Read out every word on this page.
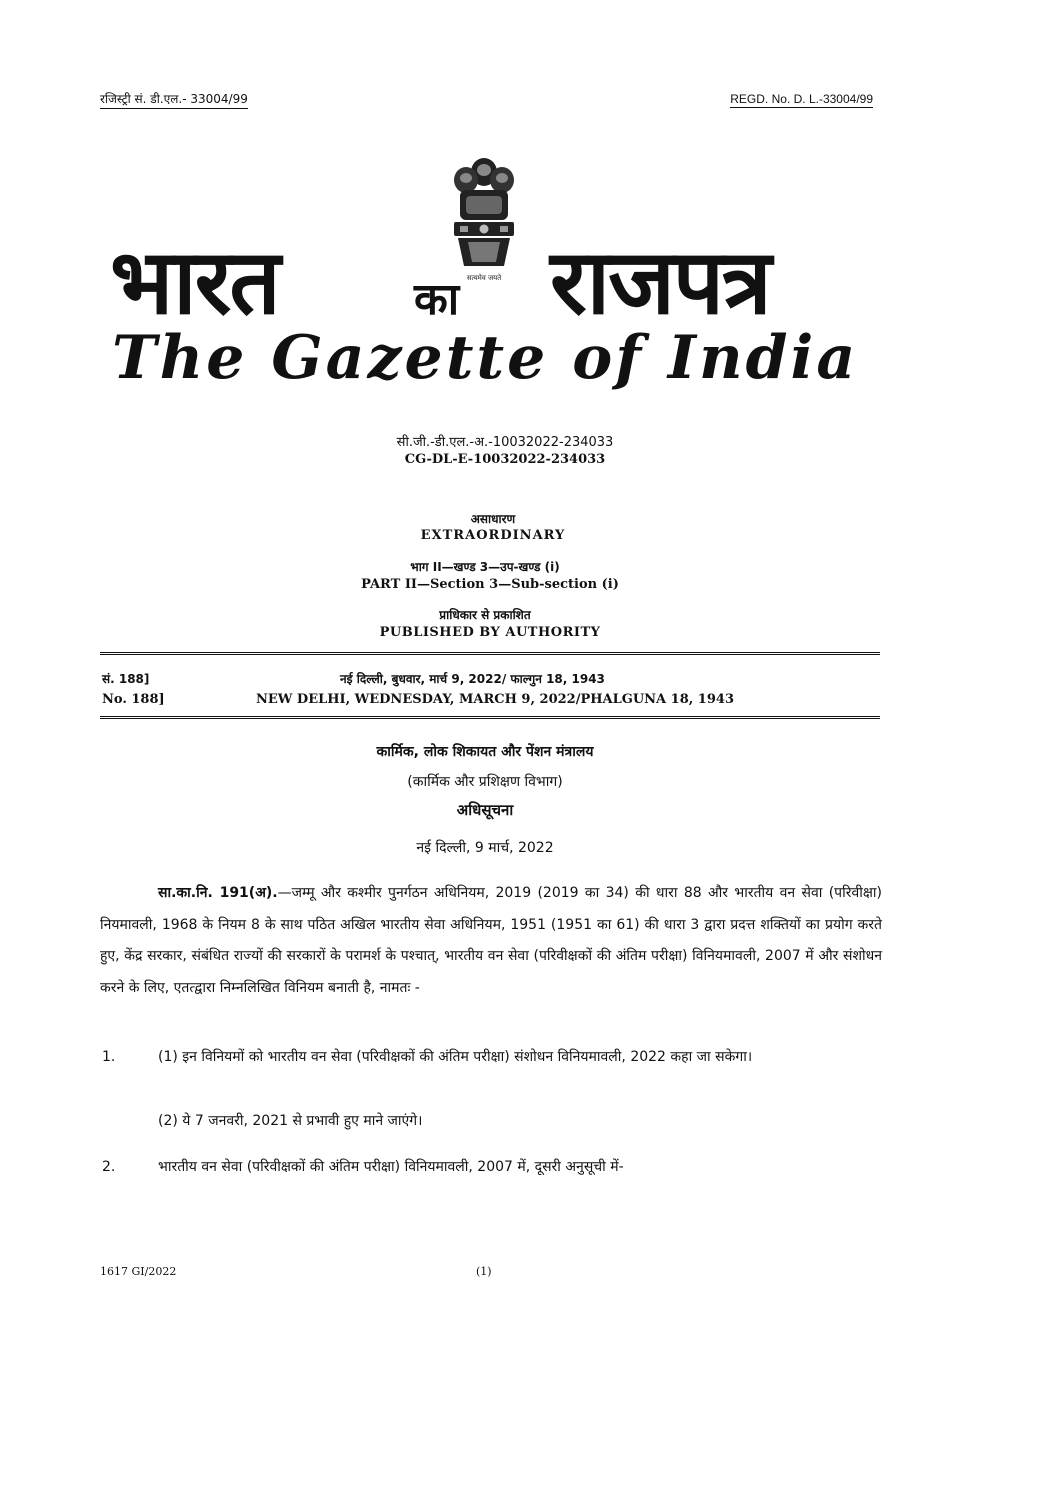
रजिस्ट्री सं. डी.एल.- 33004/99	REGD. No. D. L.-33004/99
सत्यमेव जयते
भारत	का राजपत्र
The Gazette of India
सी.जी.-डी.एल.-अ.-10032022-234033
CG-DL-E-10032022-234033
असाधारण
EXTRAORDINARY
भाग II—खण्ड 3—उप-खण्ड (i)
PART II—Section 3—Sub-section (i)
प्राधिकार से प्रकाशित
PUBLISHED BY AUTHORITY
सं. 188]	नई दिल्ली, बुधवार, मार्च 9, 2022/ फाल्गुन 18, 1943
No. 188]	NEW DELHI, WEDNESDAY, MARCH 9, 2022/PHALGUNA 18, 1943
कार्मिक, लोक शिकायत और पेंशन मंत्रालय
(कार्मिक और प्रशिक्षण विभाग)
अधिसूचना
नई दिल्ली, 9 मार्च, 2022
सा.का.नि. 191(अ).—जम्मू और कश्मीर पुनर्गठन अधिनियम, 2019 (2019 का 34) की धारा 88 और भारतीय वन सेवा (परिवीक्षा) नियमावली, 1968 के नियम 8 के साथ पठित अखिल भारतीय सेवा अधिनियम, 1951 (1951 का 61) की धारा 3 द्वारा प्रदत्त शक्तियों का प्रयोग करते हुए, केंद्र सरकार, संबंधित राज्यों की सरकारों के परामर्श के पश्चात्, भारतीय वन सेवा (परिवीक्षकों की अंतिम परीक्षा) विनियमावली, 2007 में और संशोधन करने के लिए, एतत्द्वारा निम्नलिखित विनियम बनाती है, नामतः -
1.	(1) इन विनियमों को भारतीय वन सेवा (परिवीक्षकों की अंतिम परीक्षा) संशोधन विनियमावली, 2022 कहा जा सकेगा।
(2) ये 7 जनवरी, 2021 से प्रभावी हुए माने जाएंगे।
2.	भारतीय वन सेवा (परिवीक्षकों की अंतिम परीक्षा) विनियमावली, 2007 में, दूसरी अनुसूची में-
1617 GI/2022	(1)
